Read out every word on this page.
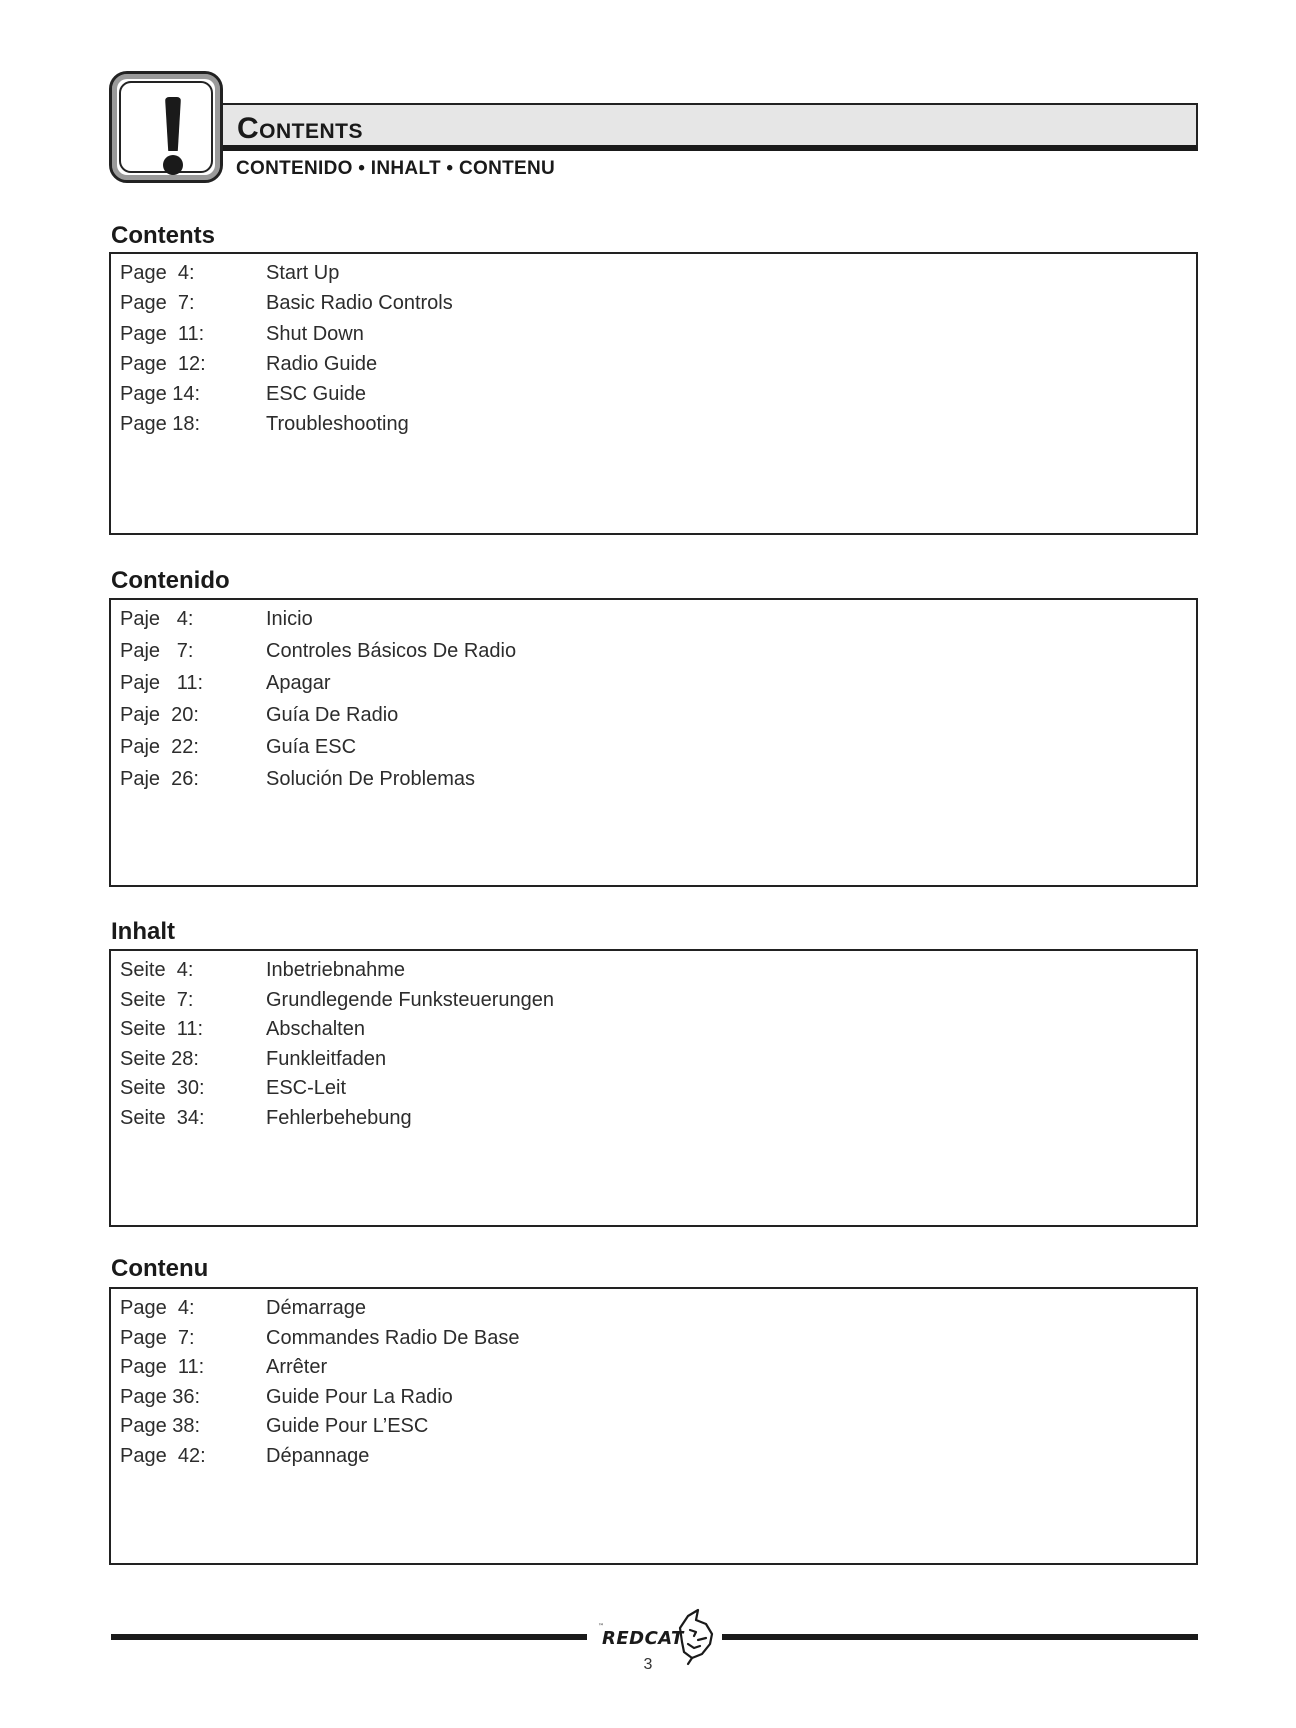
Contents
CONTENIDO • INHALT • CONTENU
Contents
Page  4:	Start Up
Page  7:	Basic Radio Controls
Page  11:	Shut Down
Page  12:	Radio Guide
Page 14:	ESC Guide
Page 18:	Troubleshooting
Contenido
Paje   4:	Inicio
Paje   7:	Controles Básicos De Radio
Paje   11:	Apagar
Paje  20:	Guía De Radio
Paje  22:	Guía ESC
Paje  26:	Solución De Problemas
Inhalt
Seite  4:	Inbetriebnahme
Seite  7:	Grundlegende Funksteuerungen
Seite  11:	Abschalten
Seite 28:	Funkleitfaden
Seite  30:	ESC-Leit
Seite  34:	Fehlerbehebung
Contenu
Page  4:	Démarrage
Page  7:	Commandes Radio De Base
Page  11:	Arrêter
Page 36:	Guide Pour La Radio
Page 38:	Guide Pour L’ESC
Page  42:	Dépannage
™
REDCAT
3
